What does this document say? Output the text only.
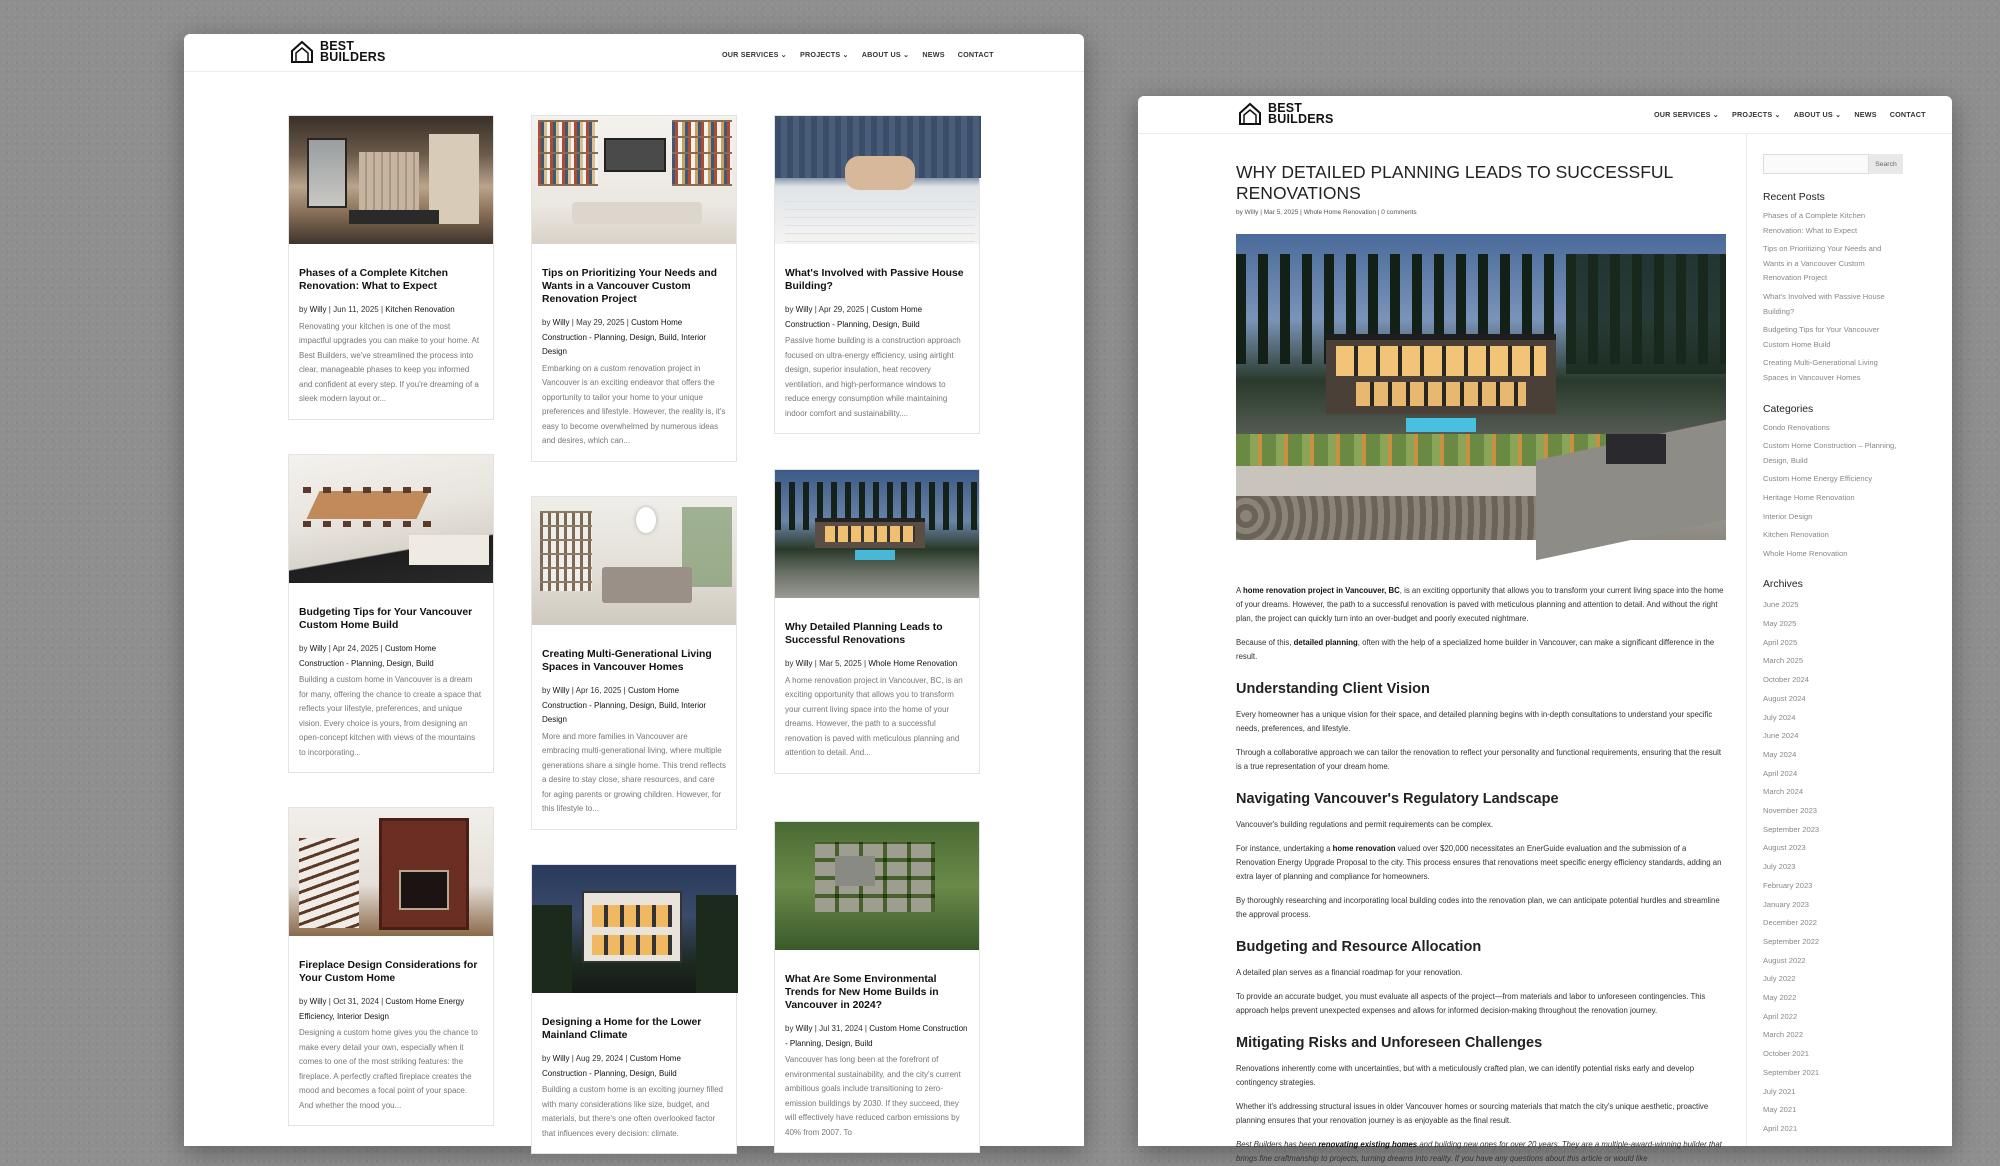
BEST
BUILDERS	OUR SERVICES ⌄ PROJECTS ⌄ ABOUT US ⌄ NEWS CONTACT
Phases of a Complete Kitchen Renovation: What to Expect
by Willy | Jun 11, 2025 | Kitchen Renovation
Renovating your kitchen is one of the most impactful upgrades you can make to your home. At Best Builders, we've streamlined the process into clear, manageable phases to keep you informed and confident at every step. If you're dreaming of a sleek modern layout or...
Budgeting Tips for Your Vancouver Custom Home Build
by Willy | Apr 24, 2025 | Custom Home Construction - Planning, Design, Build
Building a custom home in Vancouver is a dream for many, offering the chance to create a space that reflects your lifestyle, preferences, and unique vision. Every choice is yours, from designing an open-concept kitchen with views of the mountains to incorporating...
Fireplace Design Considerations for Your Custom Home
by Willy | Oct 31, 2024 | Custom Home Energy Efficiency, Interior Design
Designing a custom home gives you the chance to make every detail your own, especially when it comes to one of the most striking features: the fireplace. A perfectly crafted fireplace creates the mood and becomes a focal point of your space. And whether the mood you...
Tips on Prioritizing Your Needs and Wants in a Vancouver Custom Renovation Project
by Willy | May 29, 2025 | Custom Home Construction - Planning, Design, Build, Interior Design
Embarking on a custom renovation project in Vancouver is an exciting endeavor that offers the opportunity to tailor your home to your unique preferences and lifestyle. However, the reality is, it's easy to become overwhelmed by numerous ideas and desires, which can...
Creating Multi-Generational Living Spaces in Vancouver Homes
by Willy | Apr 16, 2025 | Custom Home Construction - Planning, Design, Build, Interior Design
More and more families in Vancouver are embracing multi-generational living, where multiple generations share a single home. This trend reflects a desire to stay close, share resources, and care for aging parents or growing children. However, for this lifestyle to...
Designing a Home for the Lower Mainland Climate
by Willy | Aug 29, 2024 | Custom Home Construction - Planning, Design, Build
Building a custom home is an exciting journey filled with many considerations like size, budget, and materials, but there's one often overlooked factor that influences every decision: climate.
What's Involved with Passive House Building?
by Willy | Apr 29, 2025 | Custom Home Construction - Planning, Design, Build
Passive home building is a construction approach focused on ultra-energy efficiency, using airtight design, superior insulation, heat recovery ventilation, and high-performance windows to reduce energy consumption while maintaining indoor comfort and sustainability....
Why Detailed Planning Leads to Successful Renovations
by Willy | Mar 5, 2025 | Whole Home Renovation
A home renovation project in Vancouver, BC, is an exciting opportunity that allows you to transform your current living space into the home of your dreams. However, the path to a successful renovation is paved with meticulous planning and attention to detail. And...
What Are Some Environmental Trends for New Home Builds in Vancouver in 2024?
by Willy | Jul 31, 2024 | Custom Home Construction - Planning, Design, Build
Vancouver has long been at the forefront of environmental sustainability, and the city's current ambitious goals include transitioning to zero-emission buildings by 2030. If they succeed, they will effectively have reduced carbon emissions by 40% from 2007. To
BEST
BUILDERS	OUR SERVICES ⌄ PROJECTS ⌄ ABOUT US ⌄ NEWS CONTACT
WHY DETAILED PLANNING LEADS TO SUCCESSFUL RENOVATIONS
by Willy | Mar 5, 2025 | Whole Home Renovation | 0 comments

A home renovation project in Vancouver, BC, is an exciting opportunity that allows you to transform your current living space into the home of your dreams. However, the path to a successful renovation is paved with meticulous planning and attention to detail. And without the right plan, the project can quickly turn into an over-budget and poorly executed nightmare.

Because of this, detailed planning, often with the help of a specialized home builder in Vancouver, can make a significant difference in the result.

Understanding Client Vision

Every homeowner has a unique vision for their space, and detailed planning begins with in-depth consultations to understand your specific needs, preferences, and lifestyle.

Through a collaborative approach we can tailor the renovation to reflect your personality and functional requirements, ensuring that the result is a true representation of your dream home.

Navigating Vancouver's Regulatory Landscape

Vancouver's building regulations and permit requirements can be complex.

For instance, undertaking a home renovation valued over $20,000 necessitates an EnerGuide evaluation and the submission of a Renovation Energy Upgrade Proposal to the city. This process ensures that renovations meet specific energy efficiency standards, adding an extra layer of planning and compliance for homeowners.

By thoroughly researching and incorporating local building codes into the renovation plan, we can anticipate potential hurdles and streamline the approval process.

Budgeting and Resource Allocation

A detailed plan serves as a financial roadmap for your renovation.

To provide an accurate budget, you must evaluate all aspects of the project—from materials and labor to unforeseen contingencies. This approach helps prevent unexpected expenses and allows for informed decision-making throughout the renovation journey.

Mitigating Risks and Unforeseen Challenges

Renovations inherently come with uncertainties, but with a meticulously crafted plan, we can identify potential risks early and develop contingency strategies.

Whether it's addressing structural issues in older Vancouver homes or sourcing materials that match the city's unique aesthetic, proactive planning ensures that your renovation journey is as enjoyable as the final result.

Best Builders has been renovating existing homes and building new ones for over 20 years. They are a multiple-award-winning builder that brings fine craftmanship to projects, turning dreams into reality. If you have any questions about this article or would like

Search
Recent Posts
Phases of a Complete Kitchen Renovation: What to Expect
Tips on Prioritizing Your Needs and Wants in a Vancouver Custom Renovation Project
What's Involved with Passive House Building?
Budgeting Tips for Your Vancouver Custom Home Build
Creating Multi-Generational Living Spaces in Vancouver Homes
Categories
Condo Renovations
Custom Home Construction – Planning, Design, Build
Custom Home Energy Efficiency
Heritage Home Renovation
Interior Design
Kitchen Renovation
Whole Home Renovation
Archives
June 2025
May 2025
April 2025
March 2025
October 2024
August 2024
July 2024
June 2024
May 2024
April 2024
March 2024
November 2023
September 2023
August 2023
July 2023
February 2023
January 2023
December 2022
September 2022
August 2022
July 2022
May 2022
April 2022
March 2022
October 2021
September 2021
July 2021
May 2021
April 2021
